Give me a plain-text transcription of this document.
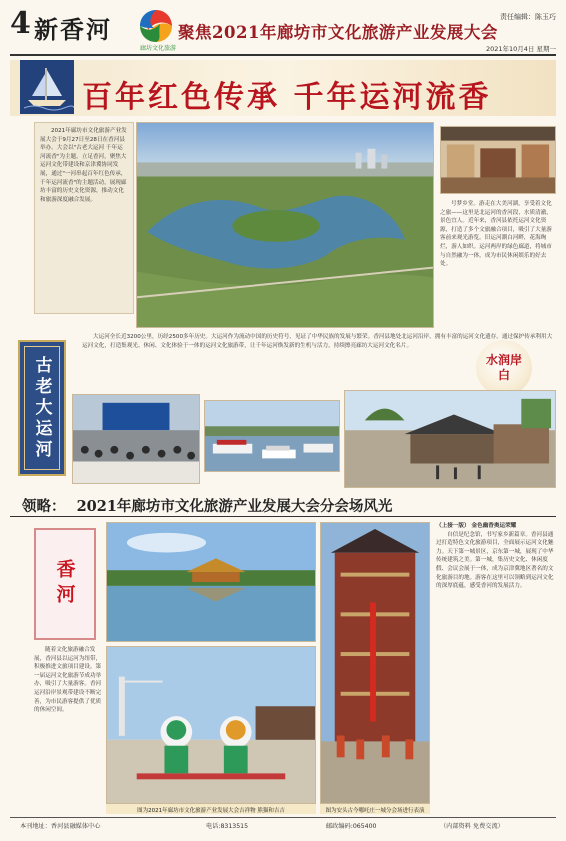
4 新香河
廊坊文化旅游
聚焦2021年廊坊市文化旅游产业发展大会
责任编辑：陈玉巧
2021年10月4日 星期一
百年红色传承 千年运河流香
2021年廊坊市文化旅游产业发展大会于9月27日至28日在香河县举办。大会以"古老大运河 千年运河流香"为主题，立足香河，聚焦大运河文化带建设和京津冀协同发展，通过"一河串起百年红色传承，千年运河流香"的主题活动，展现廊坊丰富的历史文化资源，推动文化和旅游深度融合发展。
号梦乡堂。游走在大美河湖，享受着文化之旅——这里是北运河的香河段，水质清澈，景色宜人。近年来，香河县依托运河文化资源，打造了多个文旅融合项目，吸引了大量游客前来观光游览。旧运河潮白河畔，花海绚烂，游人如织。运河两岸的绿色廊道，将城市与自然融为一体，成为市民休闲娱乐的好去处。
大运河全长近3200公里，历经2500多年历史。大运河作为流动中国的历史符号，见证了中华民族的发展与繁荣。香河县地处北运河沿岸，拥有丰富的运河文化遗存。通过保护传承利用大运河文化，打造集观光、休闲、文化体验于一体的运河文化旅游带，让千年运河焕发新的生机与活力，持续擦亮廊坊大运河文化名片。
古老大运河	水润岸白
领略： 2021年廊坊市文化旅游产业发展大会分会场风光
香河
随着文化旅游融合发展，香河县以运河为纽带，积极推进文旅项目建设。第一届运河文化旅游节成功举办，吸引了大量游客。香河运河沿岸景观带建设不断完善，为市民游客提供了优质的休闲空间。
图为2021年廊坊市文化旅游产业发展大会吉祥物 熊猫和吉吉	图为安头古今哪吒庄一城分会场进行表演
（上接一版） 金色幽香奥运荣耀
自信是纪念馆，书写家乡新篇章。香河县通过打造特色文化旅游项目，全面展示运河文化魅力。天下第一城景区，京东第一城，展现了中华传统建筑之美。第一城，集历史文化、休闲度假、会议会展于一体，成为京津冀地区著名的文化旅游目的地。游客在这里可以领略到运河文化的深厚底蕴，感受香河的发展活力。
本刊地址：香河县融媒体中心	电话:8313515	邮政编码:065400	（内部资料 免费交流）
